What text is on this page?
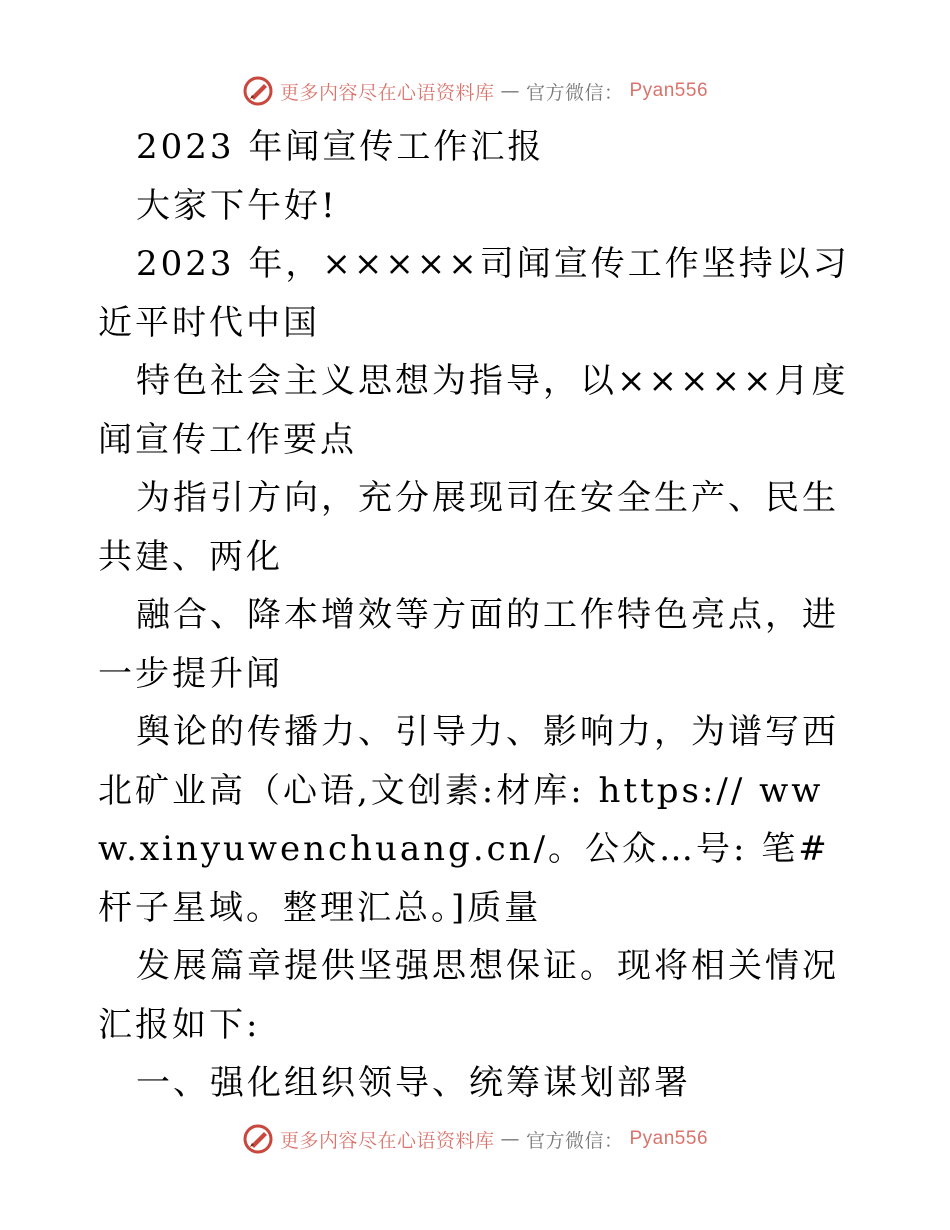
更多内容尽在心语资料库 — 官方微信： Pyan556

2023 年闻宣传工作汇报

大家下午好!

2023 年，×××××司闻宣传工作坚持以习近平时代中国

特色社会主义思想为指导，以×××××月度闻宣传工作要点

为指引方向，充分展现司在安全生产、民生共建、两化

融合、降本增效等方面的工作特色亮点，进一步提升闻

舆论的传播力、引导力、影响力，为谱写西北矿业高（心语,文创素:材库: https:// www.xinyuwenchuang.cn/。公众…号: 笔#杆子星域。整理汇总。]质量

发展篇章提供坚强思想保证。现将相关情况汇报如下:

一、强化组织领导、统筹谋划部署

更多内容尽在心语资料库 — 官方微信： Pyan556
